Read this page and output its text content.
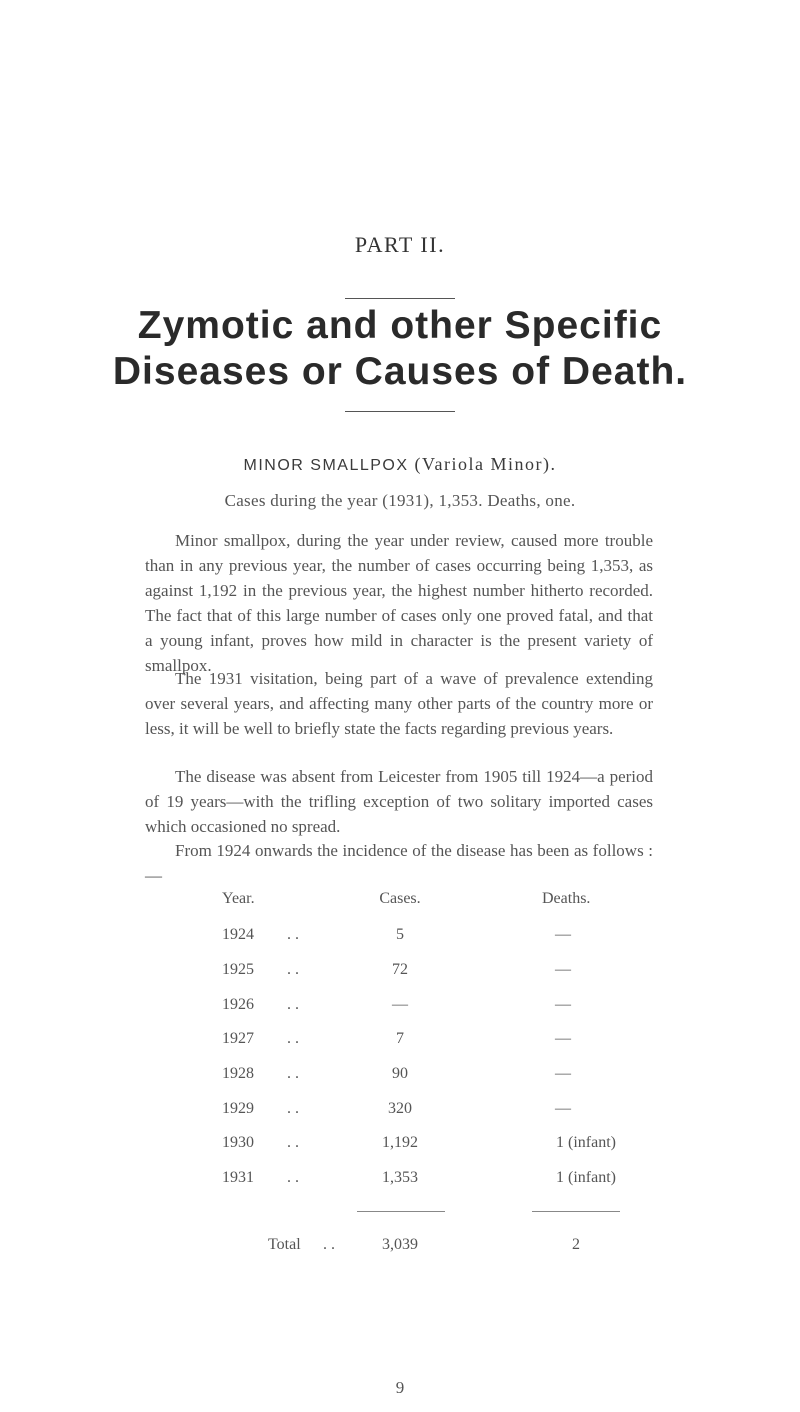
PART II.
Zymotic and other Specific
Diseases or Causes of Death.
MINOR SMALLPOX (Variola Minor).
Cases during the year (1931), 1,353. Deaths, one.

Minor smallpox, during the year under review, caused more trouble than in any previous year, the number of cases occurring being 1,353, as against 1,192 in the previous year, the highest number hitherto recorded. The fact that of this large number of cases only one proved fatal, and that a young infant, proves how mild in character is the present variety of smallpox.

The 1931 visitation, being part of a wave of prevalence extending over several years, and affecting many other parts of the country more or less, it will be well to briefly state the facts regarding previous years.

The disease was absent from Leicester from 1905 till 1924—a period of 19 years—with the trifling exception of two solitary imported cases which occasioned no spread.

From 1924 onwards the incidence of the disease has been as follows :—

Year.	Cases.	Deaths.
1924 . .	5	—
1925 . .	72	—
1926 . .	—	—
1927 . .	7	—
1928 . .	90	—
1929 . .	320	—
1930 . .	1,192	1 (infant)
1931 . .	1,353	1 (infant)
Total . .	3,039	2
9
